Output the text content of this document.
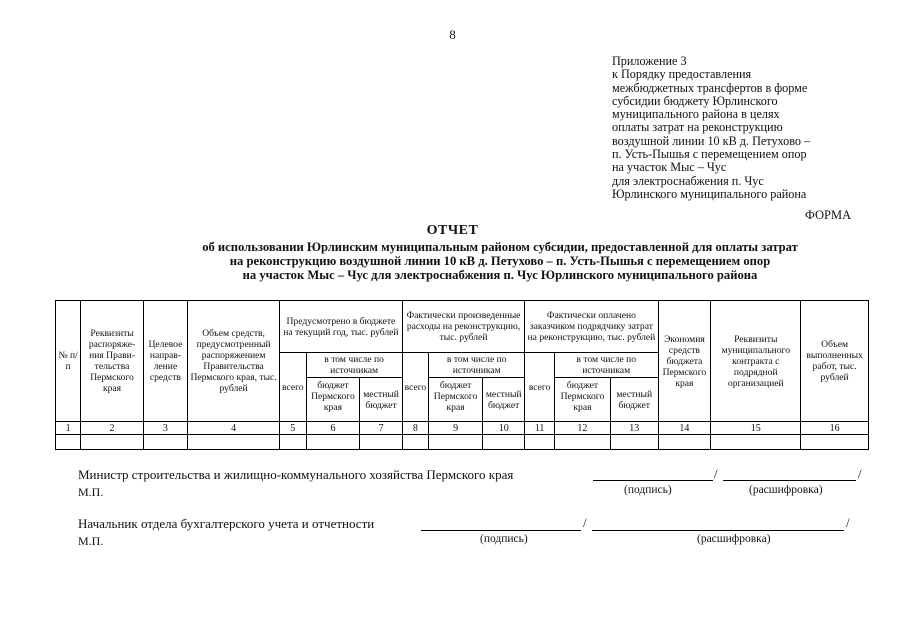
8
Приложение 3
к Порядку предоставления
межбюджетных трансфертов в форме
субсидии бюджету Юрлинского
муниципального района в целях
оплаты затрат на реконструкцию
воздушной линии 10 кВ д. Петухово –
п. Усть-Пышья с перемещением опор
на участок Мыс – Чус
для электроснабжения п. Чус
Юрлинского муниципального района
ФОРМА
ОТЧЕТ
об использовании Юрлинским муниципальным районом субсидии, предоставленной для оплаты затрат
на реконструкцию воздушной линии 10 кВ д. Петухово – п. Усть-Пышья с перемещением опор
на участок Мыс – Чус для электроснабжения п. Чус Юрлинского муниципального района
№ п/п	Реквизиты распоряже-ния Прави-тельства Пермского края	Целевое направ-ление средств	Объем средств, предусмотренный распоряжением Правительства Пермского края, тыс. рублей	Предусмотрено в бюджете на текущий год, тыс. рублей			Фактически произведенные расходы на реконструкцию, тыс. рублей			Фактически оплачено заказчиком подрядчику затрат на реконструкцию, тыс. рублей			Экономия средств бюджета Пермского края	Реквизиты муниципального контракта с подрядной организацией	Объем выполненных работ, тыс. рублей
				всего	в том числе по источникам		всего	в том числе по источникам		всего	в том числе по источникам				
					бюджет Пермского края	местный бюджет		бюджет Пермского края	местный бюджет		бюджет Пермского края	местный бюджет			
1	2	3	4	5	6	7	8	9	10	11	12	13	14	15	16

Министр строительства и жилищно-коммунального хозяйства Пермского края	/	/
М.П.	(подпись)	(расшифровка)
Начальник отдела бухгалтерского учета и отчетности	/	/
М.П.	(подпись)	(расшифровка)
